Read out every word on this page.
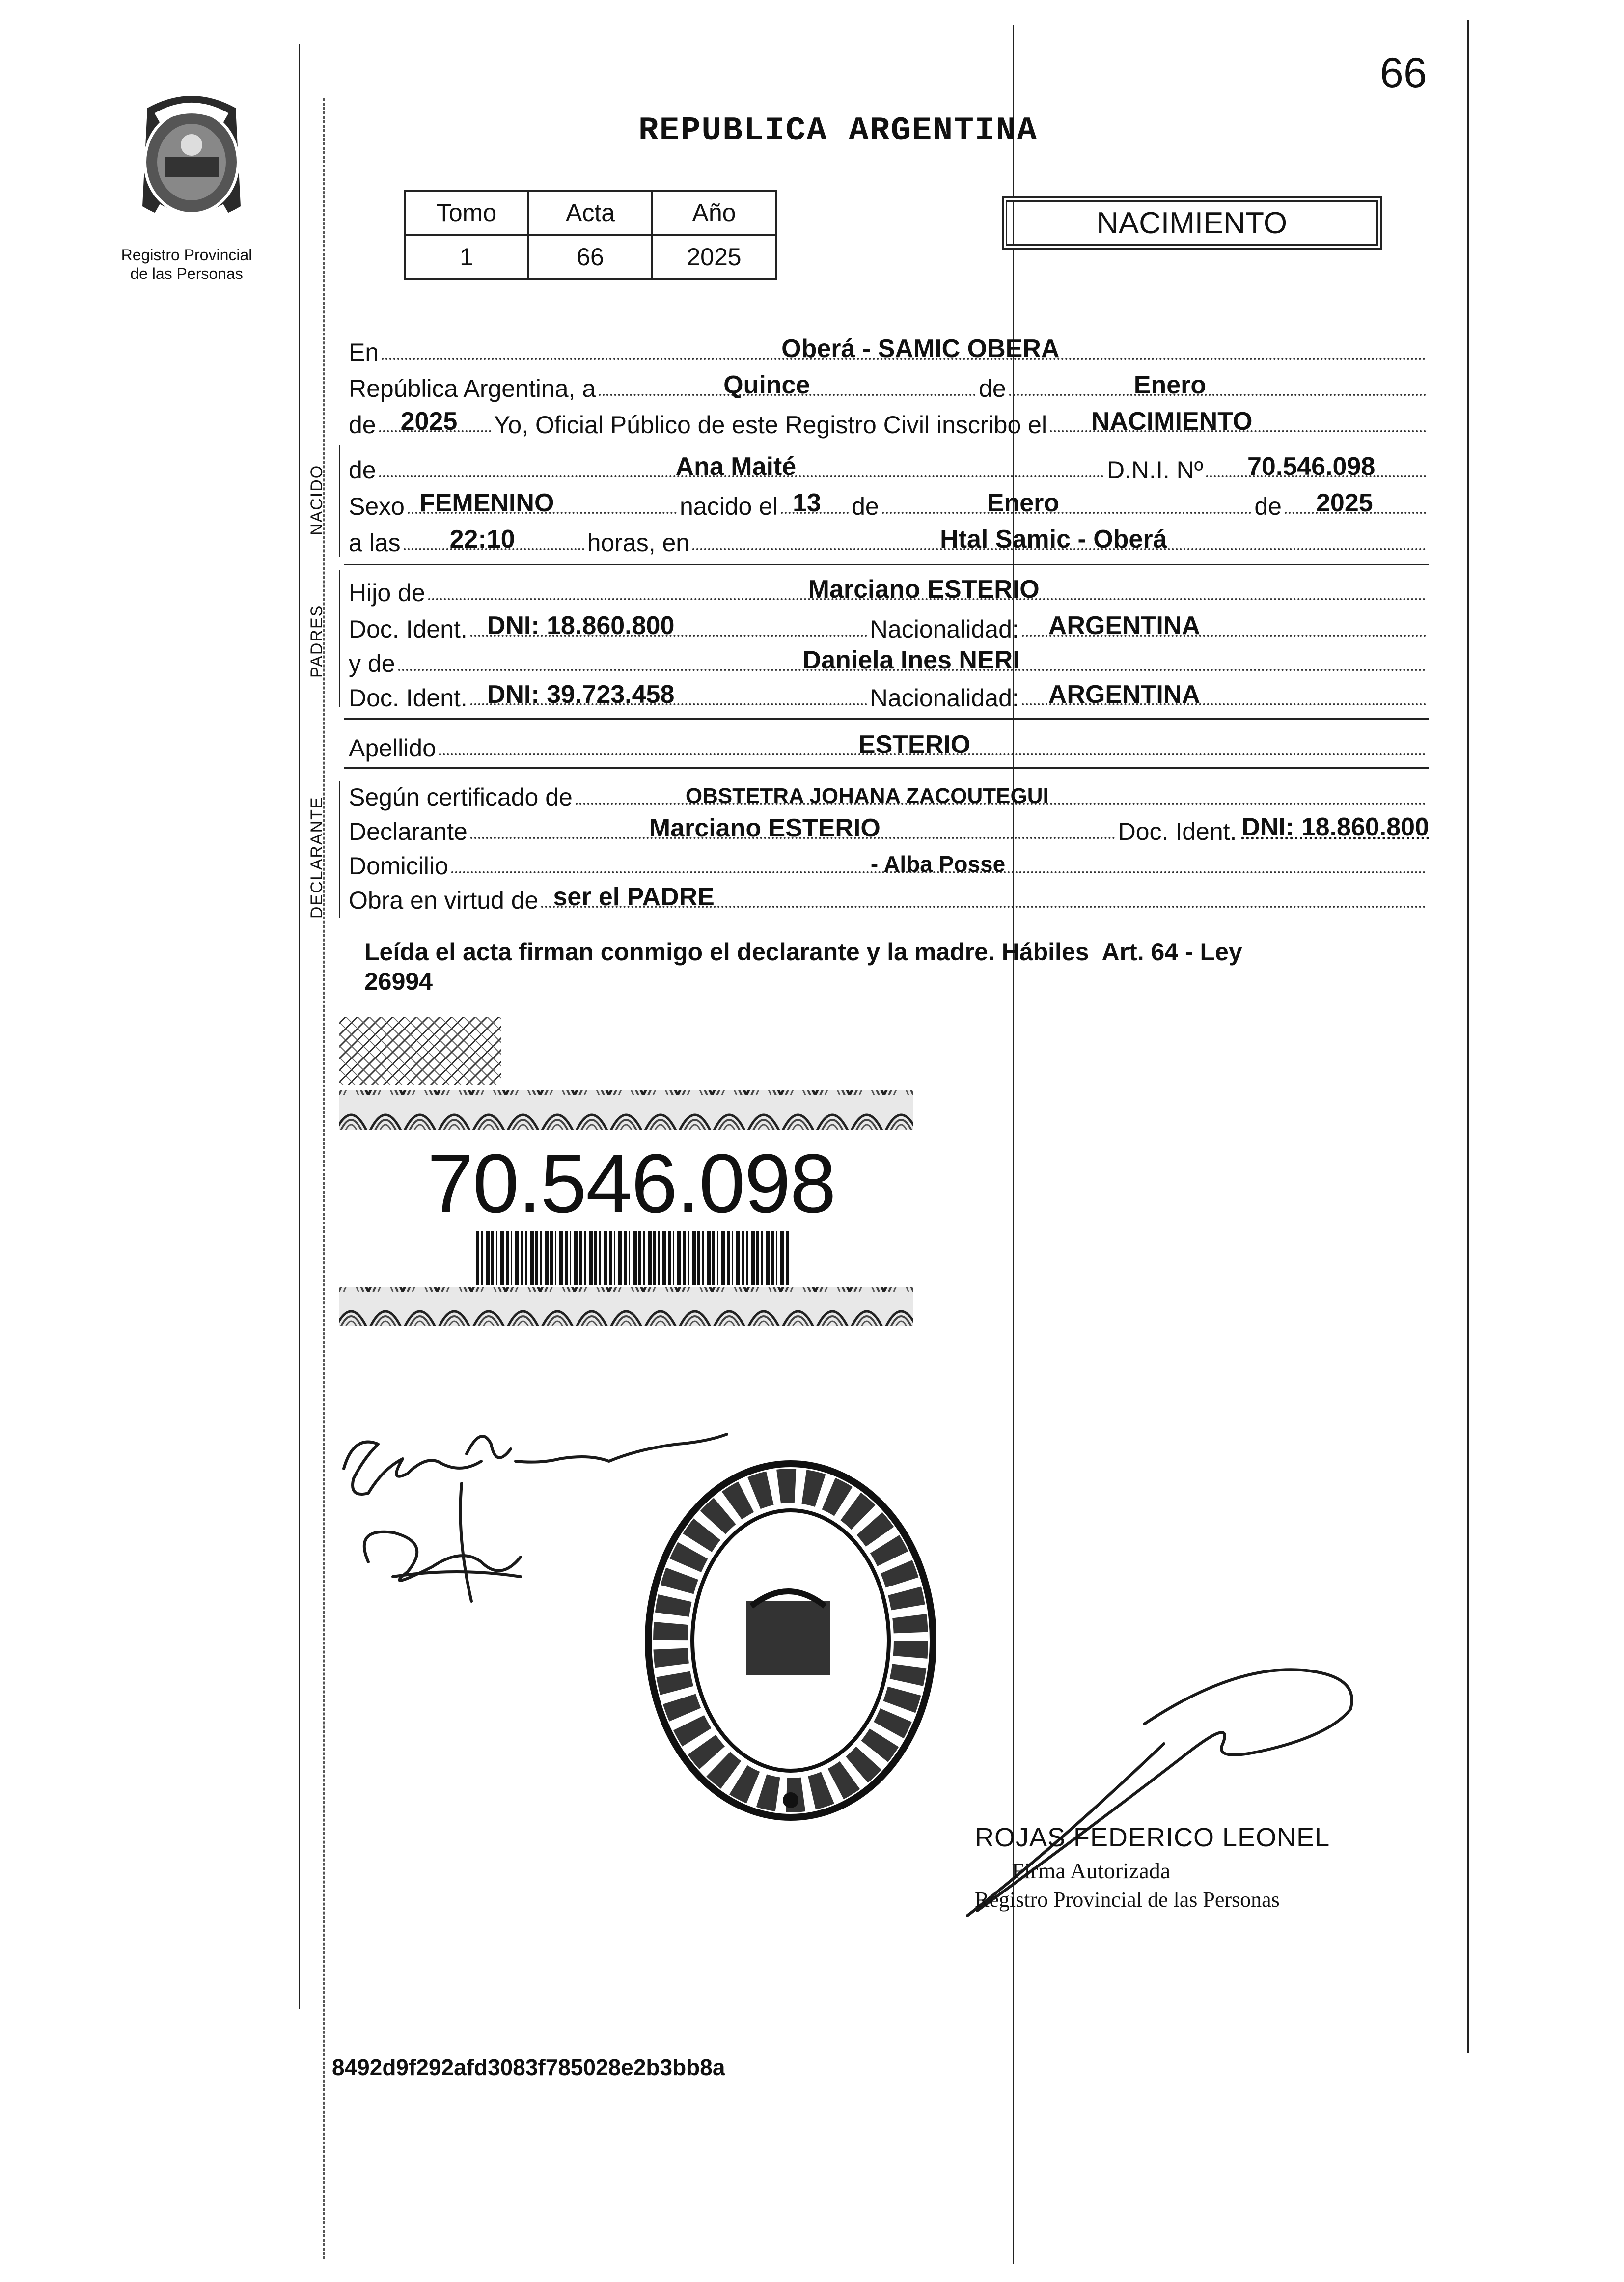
66
Registro Provincial
de las Personas
REPUBLICA ARGENTINA
Tomo	Acta	Año
1	66	2025
NACIMIENTO
NACIDO
PADRES
DECLARANTE
En	Oberá - SAMIC OBERA
República Argentina, a	Quince	de	Enero
de 2025 Yo, Oficial Público de este Registro Civil inscribo el NACIMIENTO
de	Ana Maité	D.N.I. Nº 70.546.098
Sexo FEMENINO	nacido el 13 de	Enero	de 2025
a las 22:10	horas, en	Htal Samic - Oberá
Hijo de	Marciano ESTERIO
Doc. Ident. DNI: 18.860.800	Nacionalidad: ARGENTINA
y de	Daniela Ines NERI
Doc. Ident. DNI: 39.723.458	Nacionalidad: ARGENTINA
Apellido	ESTERIO
Según certificado de	OBSTETRA JOHANA ZACOUTEGUI
Declarante	Marciano ESTERIO	Doc. Ident. DNI: 18.860.800
Domicilio	- Alba Posse
Obra en virtud de ser el PADRE
Leída el acta firman conmigo el declarante y la madre. Hábiles  Art. 64 - Ley
26994
70.546.098
ROJAS FEDERICO LEONEL
Firma Autorizada
Registro Provincial de las Personas
8492d9f292afd3083f785028e2b3bb8a
